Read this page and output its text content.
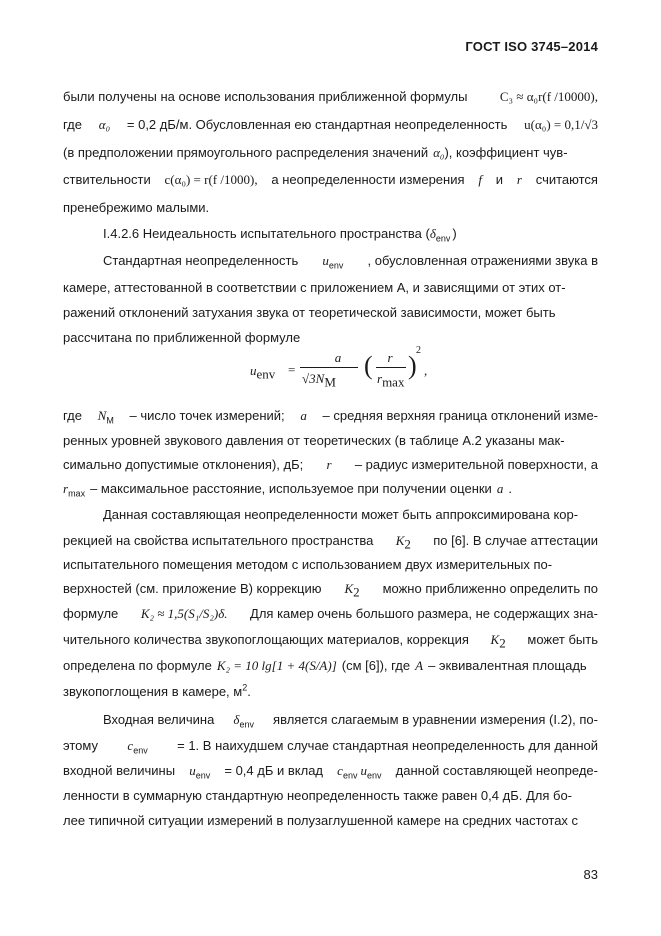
ГОСТ ISO 3745–2014
были получены на основе использования приближенной формулы C₃ ≈ α₀r(f /10000),
где α₀ = 0,2 дБ/м. Обусловленная ею стандартная неопределенность u(α₀) = 0,1/√3
(в предположении прямоугольного распределения значений α₀ ), коэффициент чув-
ствительности c(α₀) = r(f /1000), а неопределенности измерения f и r считаются
пренебрежимо малыми.
I.4.2.6 Неидеальность испытательного пространства ( $\delta_{env}$ )
Стандартная неопределенность $u_{env}$ , обусловленная отражениями звука в
камере, аттестованной в соответствии с приложением А, и зависящими от этих от-
ражений отклонений затухания звука от теоретической зависимости, может быть
рассчитана по приближенной формуле
$u_{env}$ =
a
$√3N_M$
(	r
$r_{max}$
)
2
,
где $N_M$ – число точек измерений; a – средняя верхняя граница отклонений изме-
ренных уровней звукового давления от теоретических (в таблице А.2 указаны мак-
симально допустимые отклонения), дБ; r – радиус измерительной поверхности, а
$r_{max}$ – максимальное расстояние, используемое при получении оценки a .
Данная составляющая неопределенности может быть аппроксимирована кор-
рекцией на свойства испытательного пространства $K_2$ по [6]. В случае аттестации
испытательного помещения методом с использованием двух измерительных по-
верхностей (см. приложение В) коррекцию $K_2$ можно приближенно определить по
формуле K₂ ≈ 1,5(S₁/S₂)δ. Для камер очень большого размера, не содержащих зна-
чительного количества звукопоглощающих материалов, коррекция $K_2$ может быть
определена по формуле K₂ = 10 lg[1 + 4(S/A)] (см [6]), где A – эквивалентная площадь
звукопоглощения в камере, $м^2$.
Входная величина $\delta_{env}$ является слагаемым в уравнении измерения (I.2), по-
этому $c_{env} = 1$. В наихудшем случае стандартная неопределенность для данной
входной величины $u_{env} = 0,4$ дБ и вклад $c_{env}$ $u_{env}$ данной составляющей неопреде-
ленности в суммарную стандартную неопределенность также равен 0,4 дБ. Для бо-
лее типичной ситуации измерений в полузаглушенной камере на средних частотах с
83
